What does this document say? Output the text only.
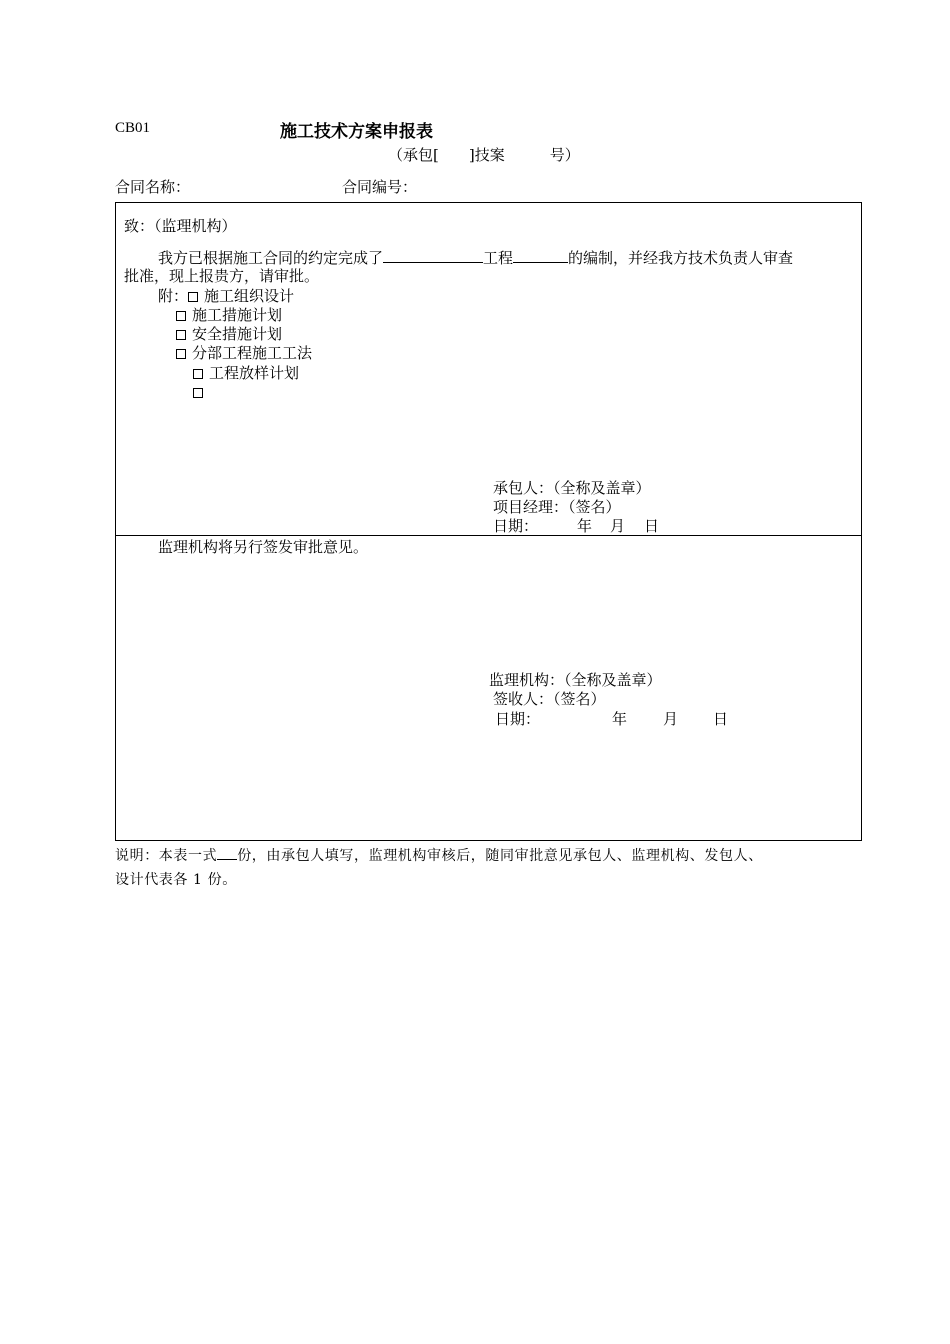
CB01	施工技术方案申报表
（承包[　　]技案　　　号）
合同名称：	合同编号：
致：（监理机构）
我方已根据施工合同的约定完成了	工程	的编制，并经我方技术负责人审查
批准，现上报贵方，请审批。
附： 施工组织设计
施工措施计划
安全措施计划
分部工程施工工法
工程放样计划
承包人：（全称及盖章）
项目经理：（签名）
日期：	年 月 日
监理机构将另行签发审批意见。
监理机构：（全称及盖章）
签收人：（签名）
日期：	年 月 日
说明：本表一式 份，由承包人填写，监理机构审核后，随同审批意见承包人、监理机构、发包人、
设计代表各 1 份。
